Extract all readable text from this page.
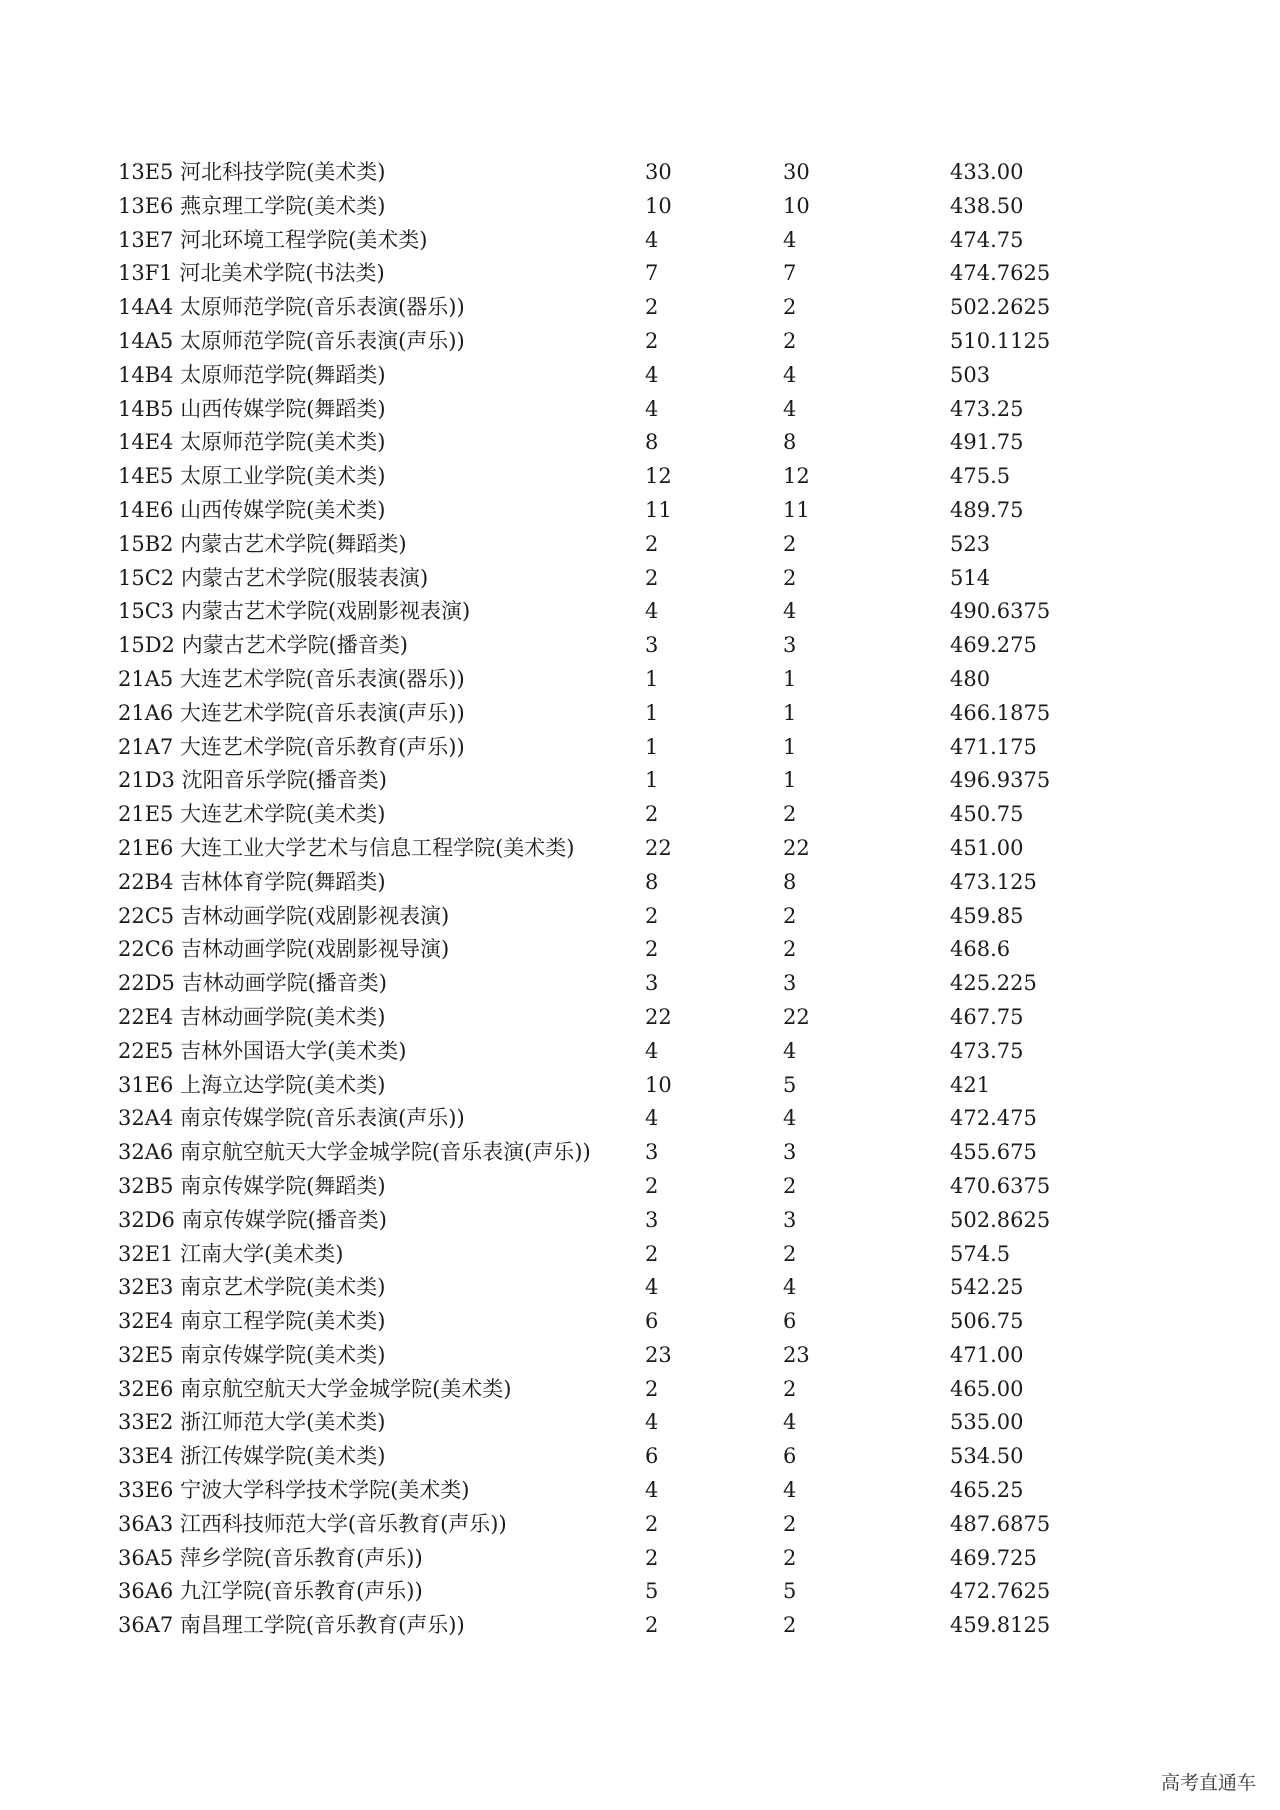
13E5 河北科技学院(美术类)	30	30	433.00
13E6 燕京理工学院(美术类)	10	10	438.50
13E7 河北环境工程学院(美术类)	4	4	474.75
13F1 河北美术学院(书法类)	7	7	474.7625
14A4 太原师范学院(音乐表演(器乐))	2	2	502.2625
14A5 太原师范学院(音乐表演(声乐))	2	2	510.1125
14B4 太原师范学院(舞蹈类)	4	4	503
14B5 山西传媒学院(舞蹈类)	4	4	473.25
14E4 太原师范学院(美术类)	8	8	491.75
14E5 太原工业学院(美术类)	12	12	475.5
14E6 山西传媒学院(美术类)	11	11	489.75
15B2 内蒙古艺术学院(舞蹈类)	2	2	523
15C2 内蒙古艺术学院(服装表演)	2	2	514
15C3 内蒙古艺术学院(戏剧影视表演)	4	4	490.6375
15D2 内蒙古艺术学院(播音类)	3	3	469.275
21A5 大连艺术学院(音乐表演(器乐))	1	1	480
21A6 大连艺术学院(音乐表演(声乐))	1	1	466.1875
21A7 大连艺术学院(音乐教育(声乐))	1	1	471.175
21D3 沈阳音乐学院(播音类)	1	1	496.9375
21E5 大连艺术学院(美术类)	2	2	450.75
21E6 大连工业大学艺术与信息工程学院(美术类)	22	22	451.00
22B4 吉林体育学院(舞蹈类)	8	8	473.125
22C5 吉林动画学院(戏剧影视表演)	2	2	459.85
22C6 吉林动画学院(戏剧影视导演)	2	2	468.6
22D5 吉林动画学院(播音类)	3	3	425.225
22E4 吉林动画学院(美术类)	22	22	467.75
22E5 吉林外国语大学(美术类)	4	4	473.75
31E6 上海立达学院(美术类)	10	5	421
32A4 南京传媒学院(音乐表演(声乐))	4	4	472.475
32A6 南京航空航天大学金城学院(音乐表演(声乐))	3	3	455.675
32B5 南京传媒学院(舞蹈类)	2	2	470.6375
32D6 南京传媒学院(播音类)	3	3	502.8625
32E1 江南大学(美术类)	2	2	574.5
32E3 南京艺术学院(美术类)	4	4	542.25
32E4 南京工程学院(美术类)	6	6	506.75
32E5 南京传媒学院(美术类)	23	23	471.00
32E6 南京航空航天大学金城学院(美术类)	2	2	465.00
33E2 浙江师范大学(美术类)	4	4	535.00
33E4 浙江传媒学院(美术类)	6	6	534.50
33E6 宁波大学科学技术学院(美术类)	4	4	465.25
36A3 江西科技师范大学(音乐教育(声乐))	2	2	487.6875
36A5 萍乡学院(音乐教育(声乐))	2	2	469.725
36A6 九江学院(音乐教育(声乐))	5	5	472.7625
36A7 南昌理工学院(音乐教育(声乐))	2	2	459.8125
高考直通车
